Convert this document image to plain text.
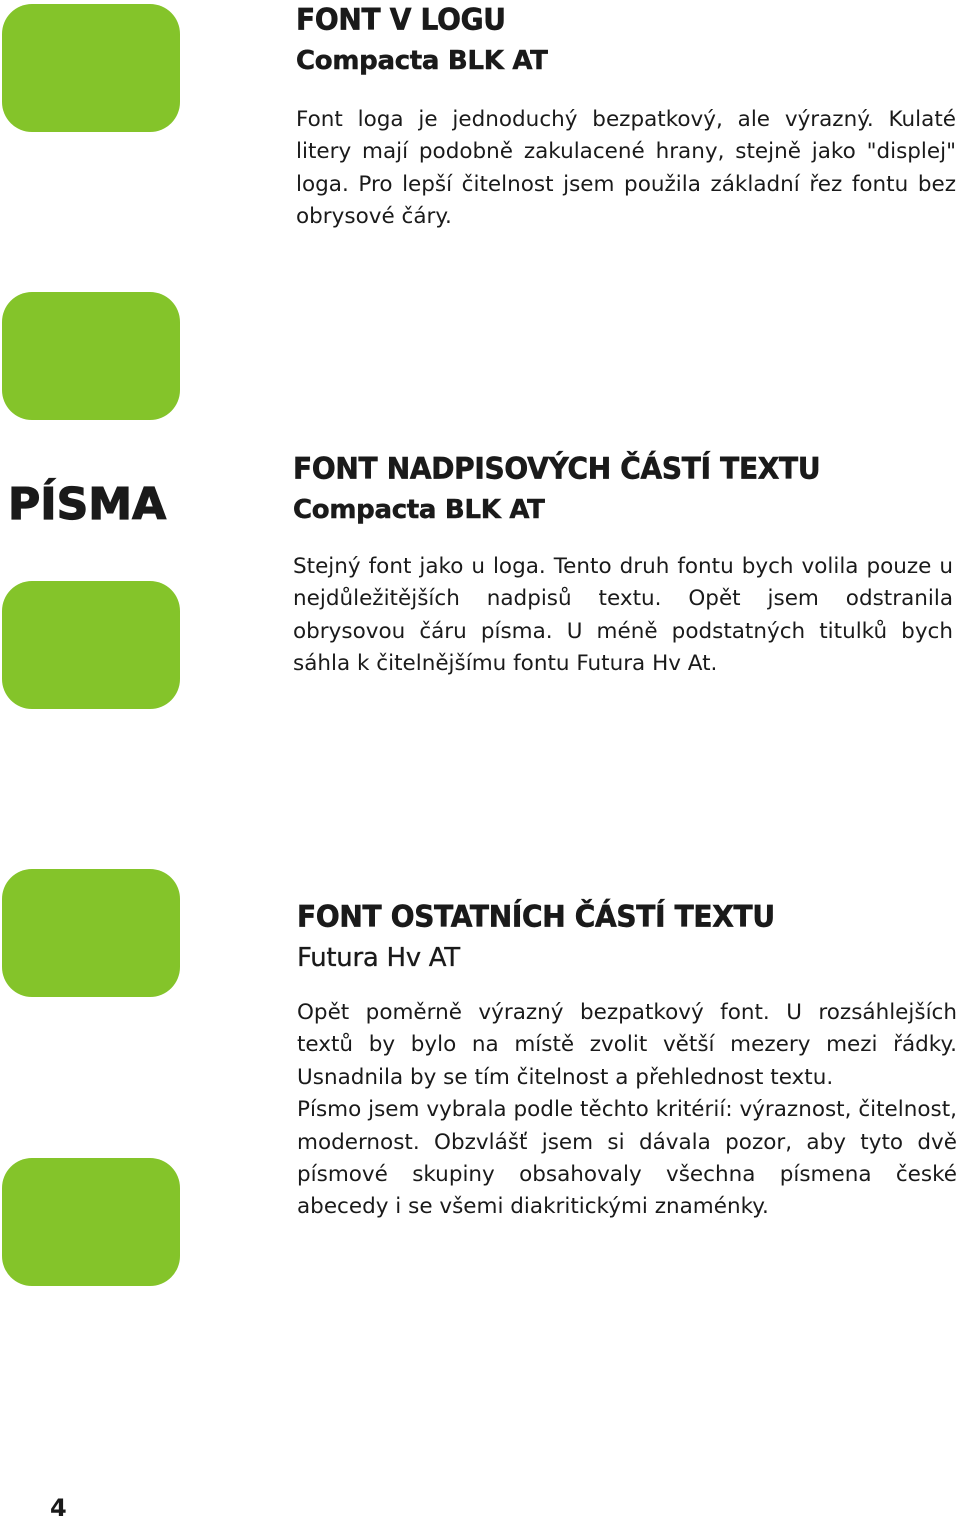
PÍSMA
FONT V LOGU
Compacta BLK AT

Font loga je jednoduchý bezpatkový, ale výrazný. Kulaté litery mají podobně zakulacené hrany, stejně jako "displej" loga. Pro lepší čitelnost jsem použila základní řez fontu bez obrysové čáry.

FONT NADPISOVÝCH ČÁSTÍ TEXTU
Compacta BLK AT

Stejný font jako u loga. Tento druh fontu bych volila pouze u nejdůležitějších nadpisů textu. Opět jsem odstranila obrysovou čáru písma. U méně podstatných titulků bych sáhla k čitelnějšímu fontu Futura Hv At.

FONT OSTATNÍCH ČÁSTÍ TEXTU
Futura Hv AT

Opět poměrně výrazný bezpatkový font. U rozsáhlejších textů by bylo na místě zvolit větší mezery mezi řádky. Usnadnila by se tím čitelnost a přehlednost textu.

Písmo jsem vybrala podle těchto kritérií: výraznost, čitelnost, modernost. Obzvlášť jsem si dávala pozor, aby tyto dvě písmové skupiny obsahovaly všechna písmena české abecedy i se všemi diakritickými znaménky.

4
